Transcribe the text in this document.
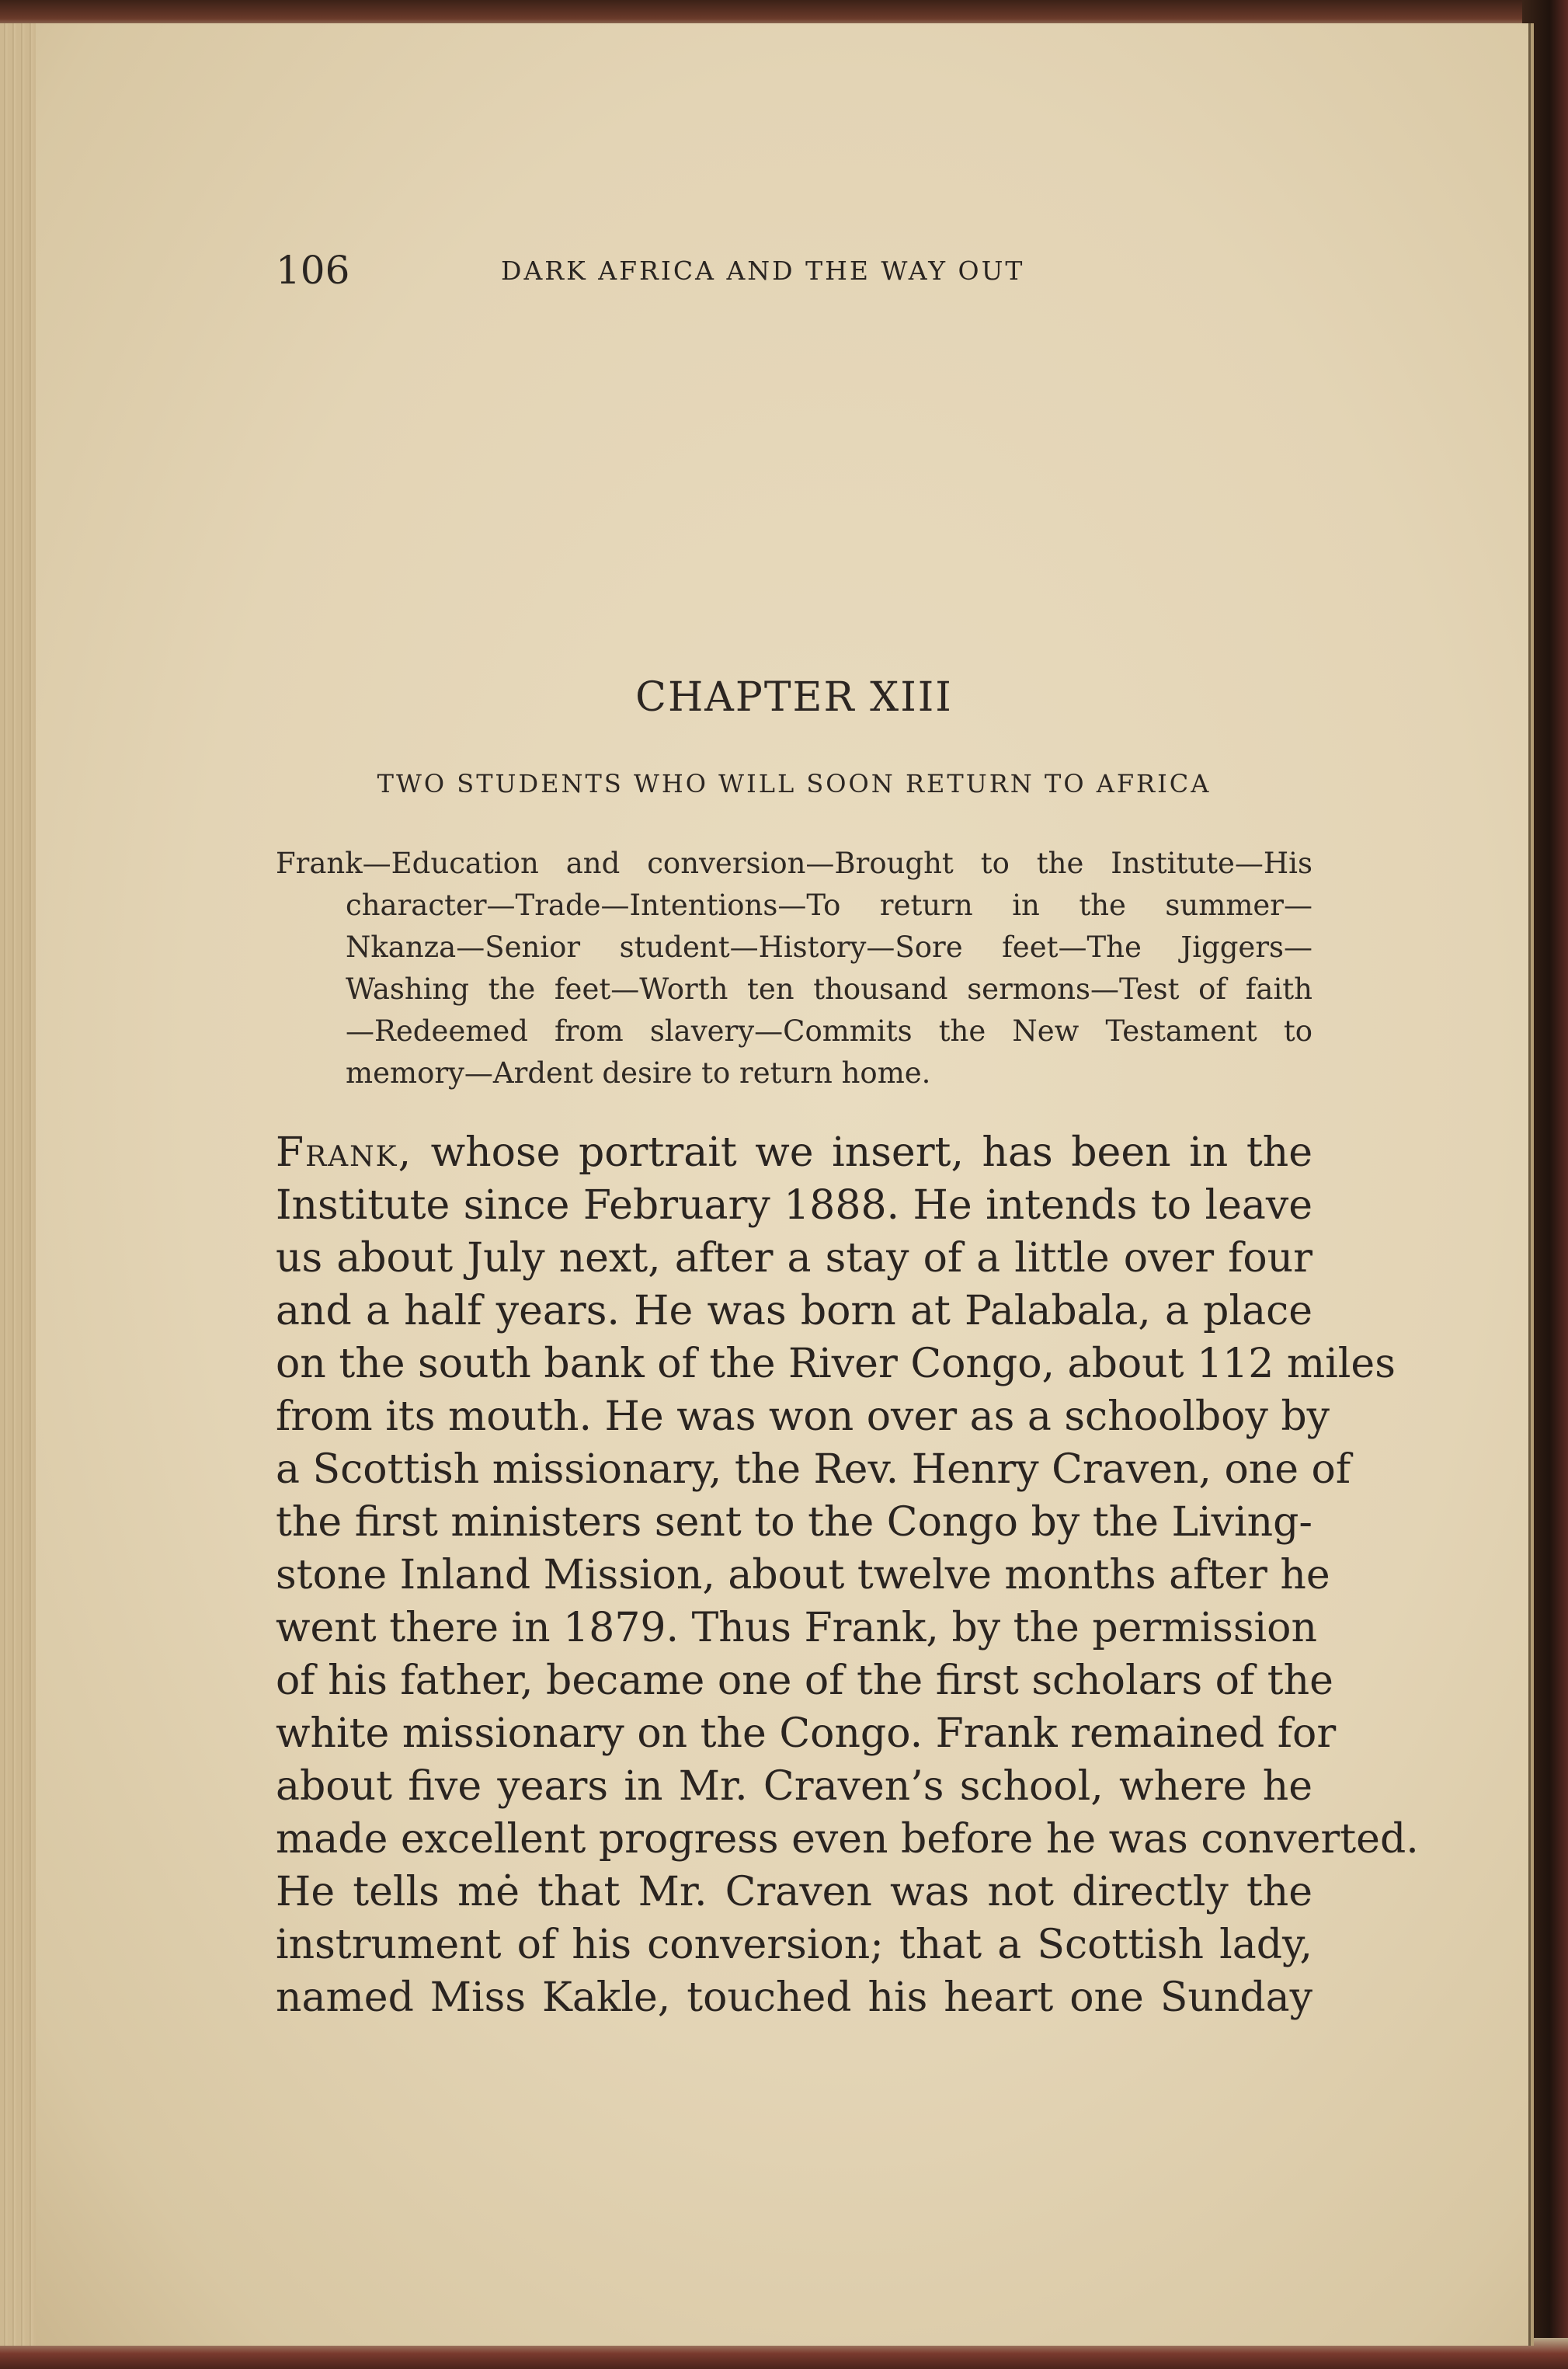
106	DARK AFRICA AND THE WAY OUT
CHAPTER XIII
TWO STUDENTS WHO WILL SOON RETURN TO AFRICA
Frank—Education and conversion—Brought to the Institute—His
character—Trade—Intentions—To return in the summer—
Nkanza—Senior student—History—Sore feet—The Jiggers—
Washing the feet—Worth ten thousand sermons—Test of faith
—Redeemed from slavery—Commits the New Testament to
memory—Ardent desire to return home.
Frank, whose portrait we insert, has been in the
Institute since February 1888. He intends to leave
us about July next, after a stay of a little over four
and a half years. He was born at Palabala, a place
on the south bank of the River Congo, about 112 miles
from its mouth. He was won over as a schoolboy by
a Scottish missionary, the Rev. Henry Craven, one of
the first ministers sent to the Congo by the Living-
stone Inland Mission, about twelve months after he
went there in 1879. Thus Frank, by the permission
of his father, became one of the first scholars of the
white missionary on the Congo. Frank remained for
about five years in Mr. Craven’s school, where he
made excellent progress even before he was converted.
He tells mė that Mr. Craven was not directly the
instrument of his conversion; that a Scottish lady,
named Miss Kakle, touched his heart one Sunday
